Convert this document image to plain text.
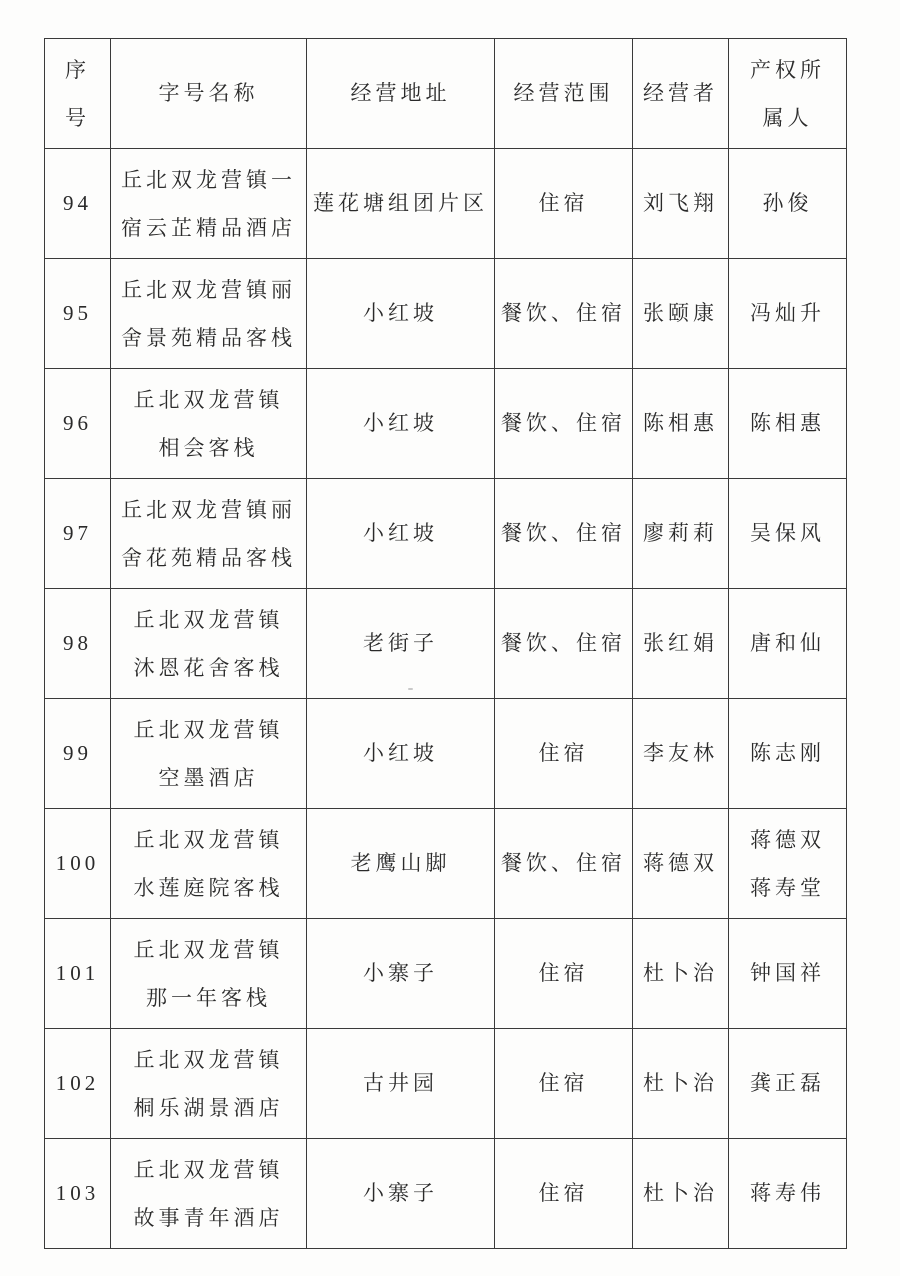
序
号	字号名称	经营地址	经营范围	经营者	产权所
属人

94	丘北双龙营镇一
宿云芷精品酒店	莲花塘组团片区	住宿	刘飞翔	孙俊
95	丘北双龙营镇丽
舍景苑精品客栈	小红坡	餐饮、住宿	张颐康	冯灿升
96	丘北双龙营镇
相会客栈	小红坡	餐饮、住宿	陈相惠	陈相惠
97	丘北双龙营镇丽
舍花苑精品客栈	小红坡	餐饮、住宿	廖莉莉	吴保风
98	丘北双龙营镇
沐恩花舍客栈	老街子	餐饮、住宿	张红娟	唐和仙
99	丘北双龙营镇
空墨酒店	小红坡	住宿	李友林	陈志刚
100	丘北双龙营镇
水莲庭院客栈	老鹰山脚	餐饮、住宿	蒋德双	蒋德双
蒋寿堂

101	丘北双龙营镇
那一年客栈	小寨子	住宿	杜卜治	钟国祥
102	丘北双龙营镇
桐乐湖景酒店	古井园	住宿	杜卜治	龚正磊
103	丘北双龙营镇
故事青年酒店	小寨子	住宿	杜卜治	蒋寿伟
